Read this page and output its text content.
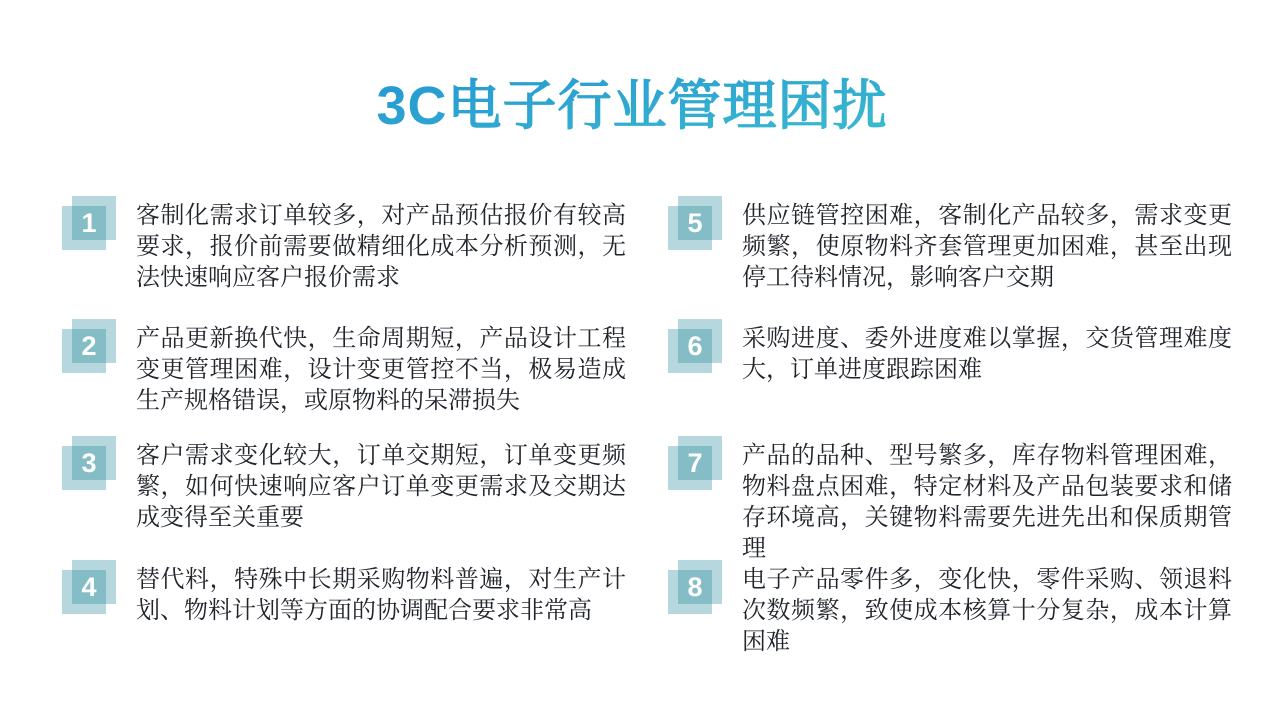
3C电子行业管理困扰
1	客制化需求订单较多，对产品预估报价有较高要求，报价前需要做精细化成本分析预测，无法快速响应客户报价需求

2	产品更新换代快，生命周期短，产品设计工程变更管理困难，设计变更管控不当，极易造成生产规格错误，或原物料的呆滞损失

3	客户需求变化较大，订单交期短，订单变更频繁，如何快速响应客户订单变更需求及交期达成变得至关重要

4	替代料，特殊中长期采购物料普遍，对生产计划、物料计划等方面的协调配合要求非常高

5	供应链管控困难，客制化产品较多，需求变更频繁，使原物料齐套管理更加困难，甚至出现停工待料情况，影响客户交期

6	采购进度、委外进度难以掌握，交货管理难度大，订单进度跟踪困难

7	产品的品种、型号繁多，库存物料管理困难，物料盘点困难，特定材料及产品包装要求和储存环境高，关键物料需要先进先出和保质期管理

8	电子产品零件多，变化快，零件采购、领退料次数频繁，致使成本核算十分复杂，成本计算困难
